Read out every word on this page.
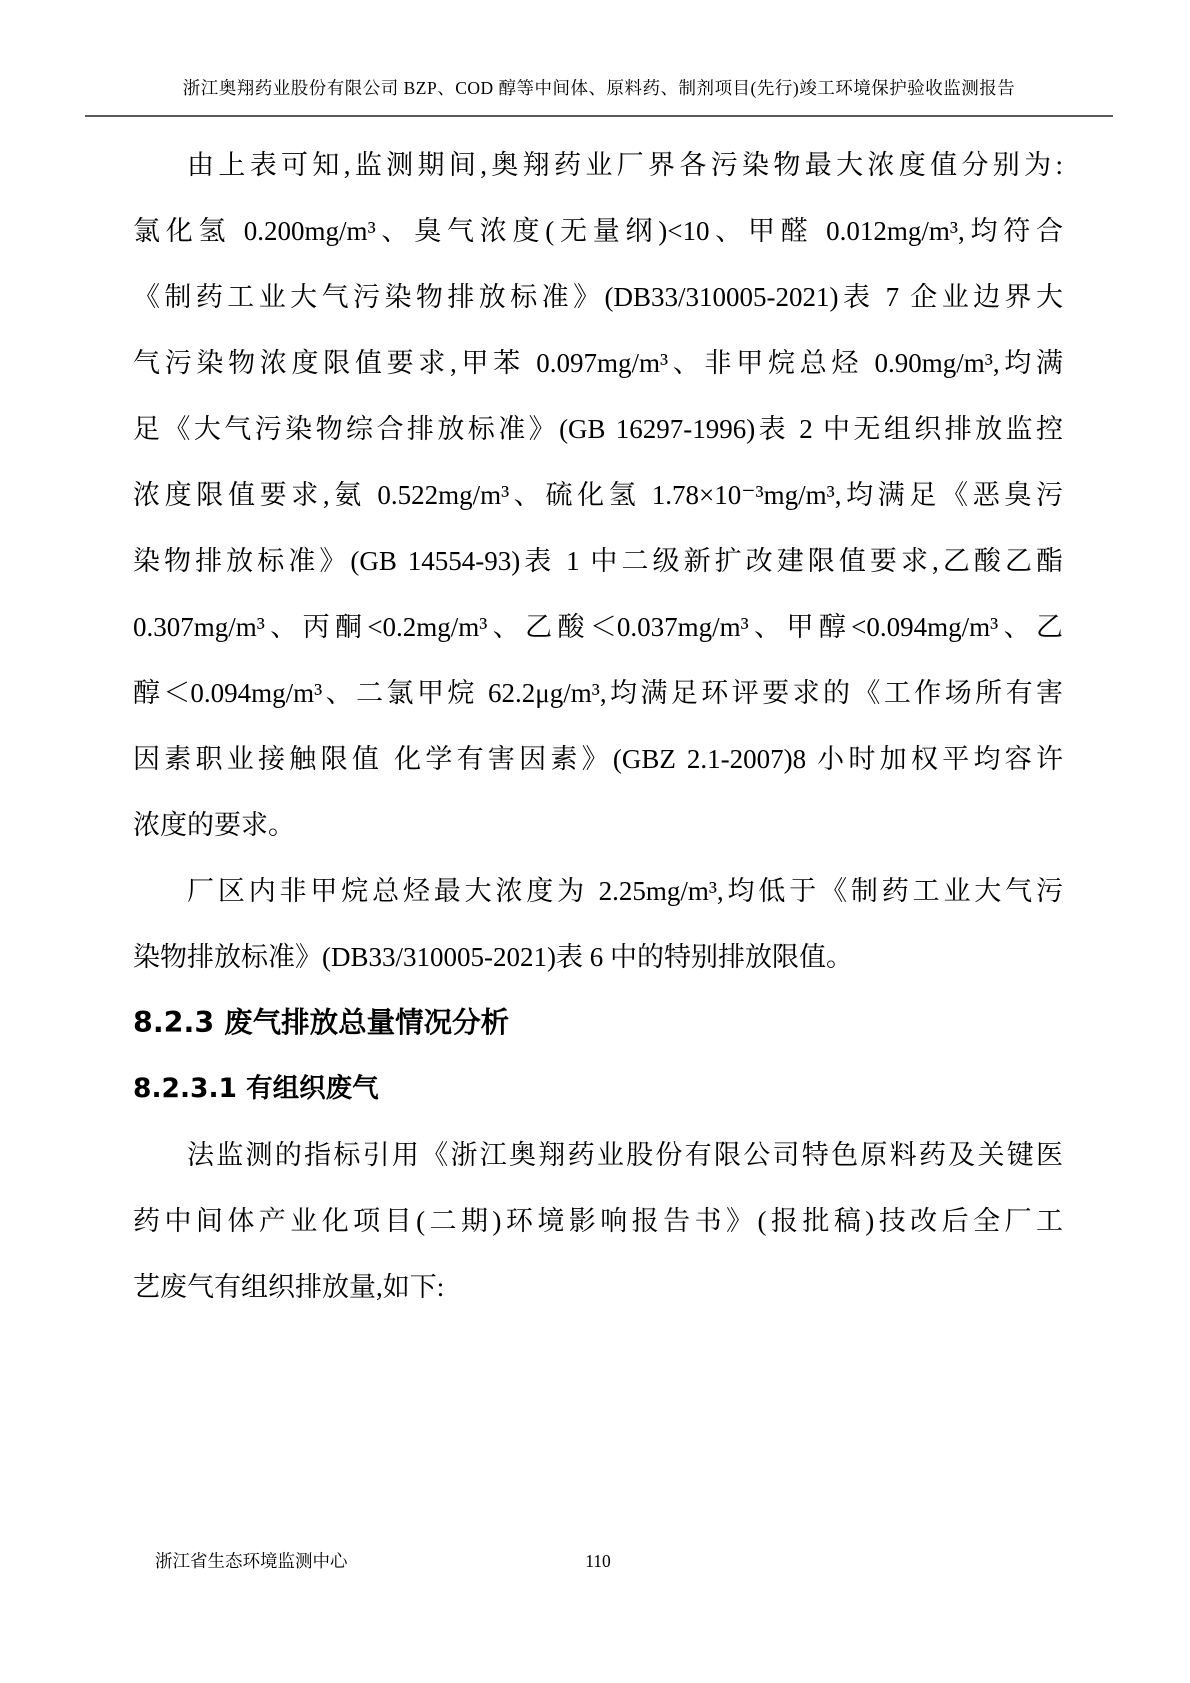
浙江奥翔药业股份有限公司 BZP、COD 醇等中间体、原料药、制剂项目(先行)竣工环境保护验收监测报告
由上表可知,监测期间,奥翔药业厂界各污染物最大浓度值分别为:
氯化氢 0.200mg/m³、臭气浓度(无量纲)<10、甲醛 0.012mg/m³,均符合
《制药工业大气污染物排放标准》(DB33/310005-2021)表 7 企业边界大
气污染物浓度限值要求,甲苯 0.097mg/m³、非甲烷总烃 0.90mg/m³,均满
足《大气污染物综合排放标准》(GB 16297-1996)表 2 中无组织排放监控
浓度限值要求,氨 0.522mg/m³、硫化氢 1.78×10⁻³mg/m³,均满足《恶臭污
染物排放标准》(GB 14554-93)表 1 中二级新扩改建限值要求,乙酸乙酯
0.307mg/m³、丙酮<0.2mg/m³、乙酸＜0.037mg/m³、甲醇<0.094mg/m³、乙
醇＜0.094mg/m³、二氯甲烷 62.2μg/m³,均满足环评要求的《工作场所有害
因素职业接触限值 化学有害因素》(GBZ 2.1-2007)8 小时加权平均容许
浓度的要求。
厂区内非甲烷总烃最大浓度为 2.25mg/m³,均低于《制药工业大气污
染物排放标准》(DB33/310005-2021)表 6 中的特别排放限值。
8.2.3 废气排放总量情况分析
8.2.3.1 有组织废气
法监测的指标引用《浙江奥翔药业股份有限公司特色原料药及关键医
药中间体产业化项目(二期)环境影响报告书》(报批稿)技改后全厂工
艺废气有组织排放量,如下:
浙江省生态环境监测中心	110
